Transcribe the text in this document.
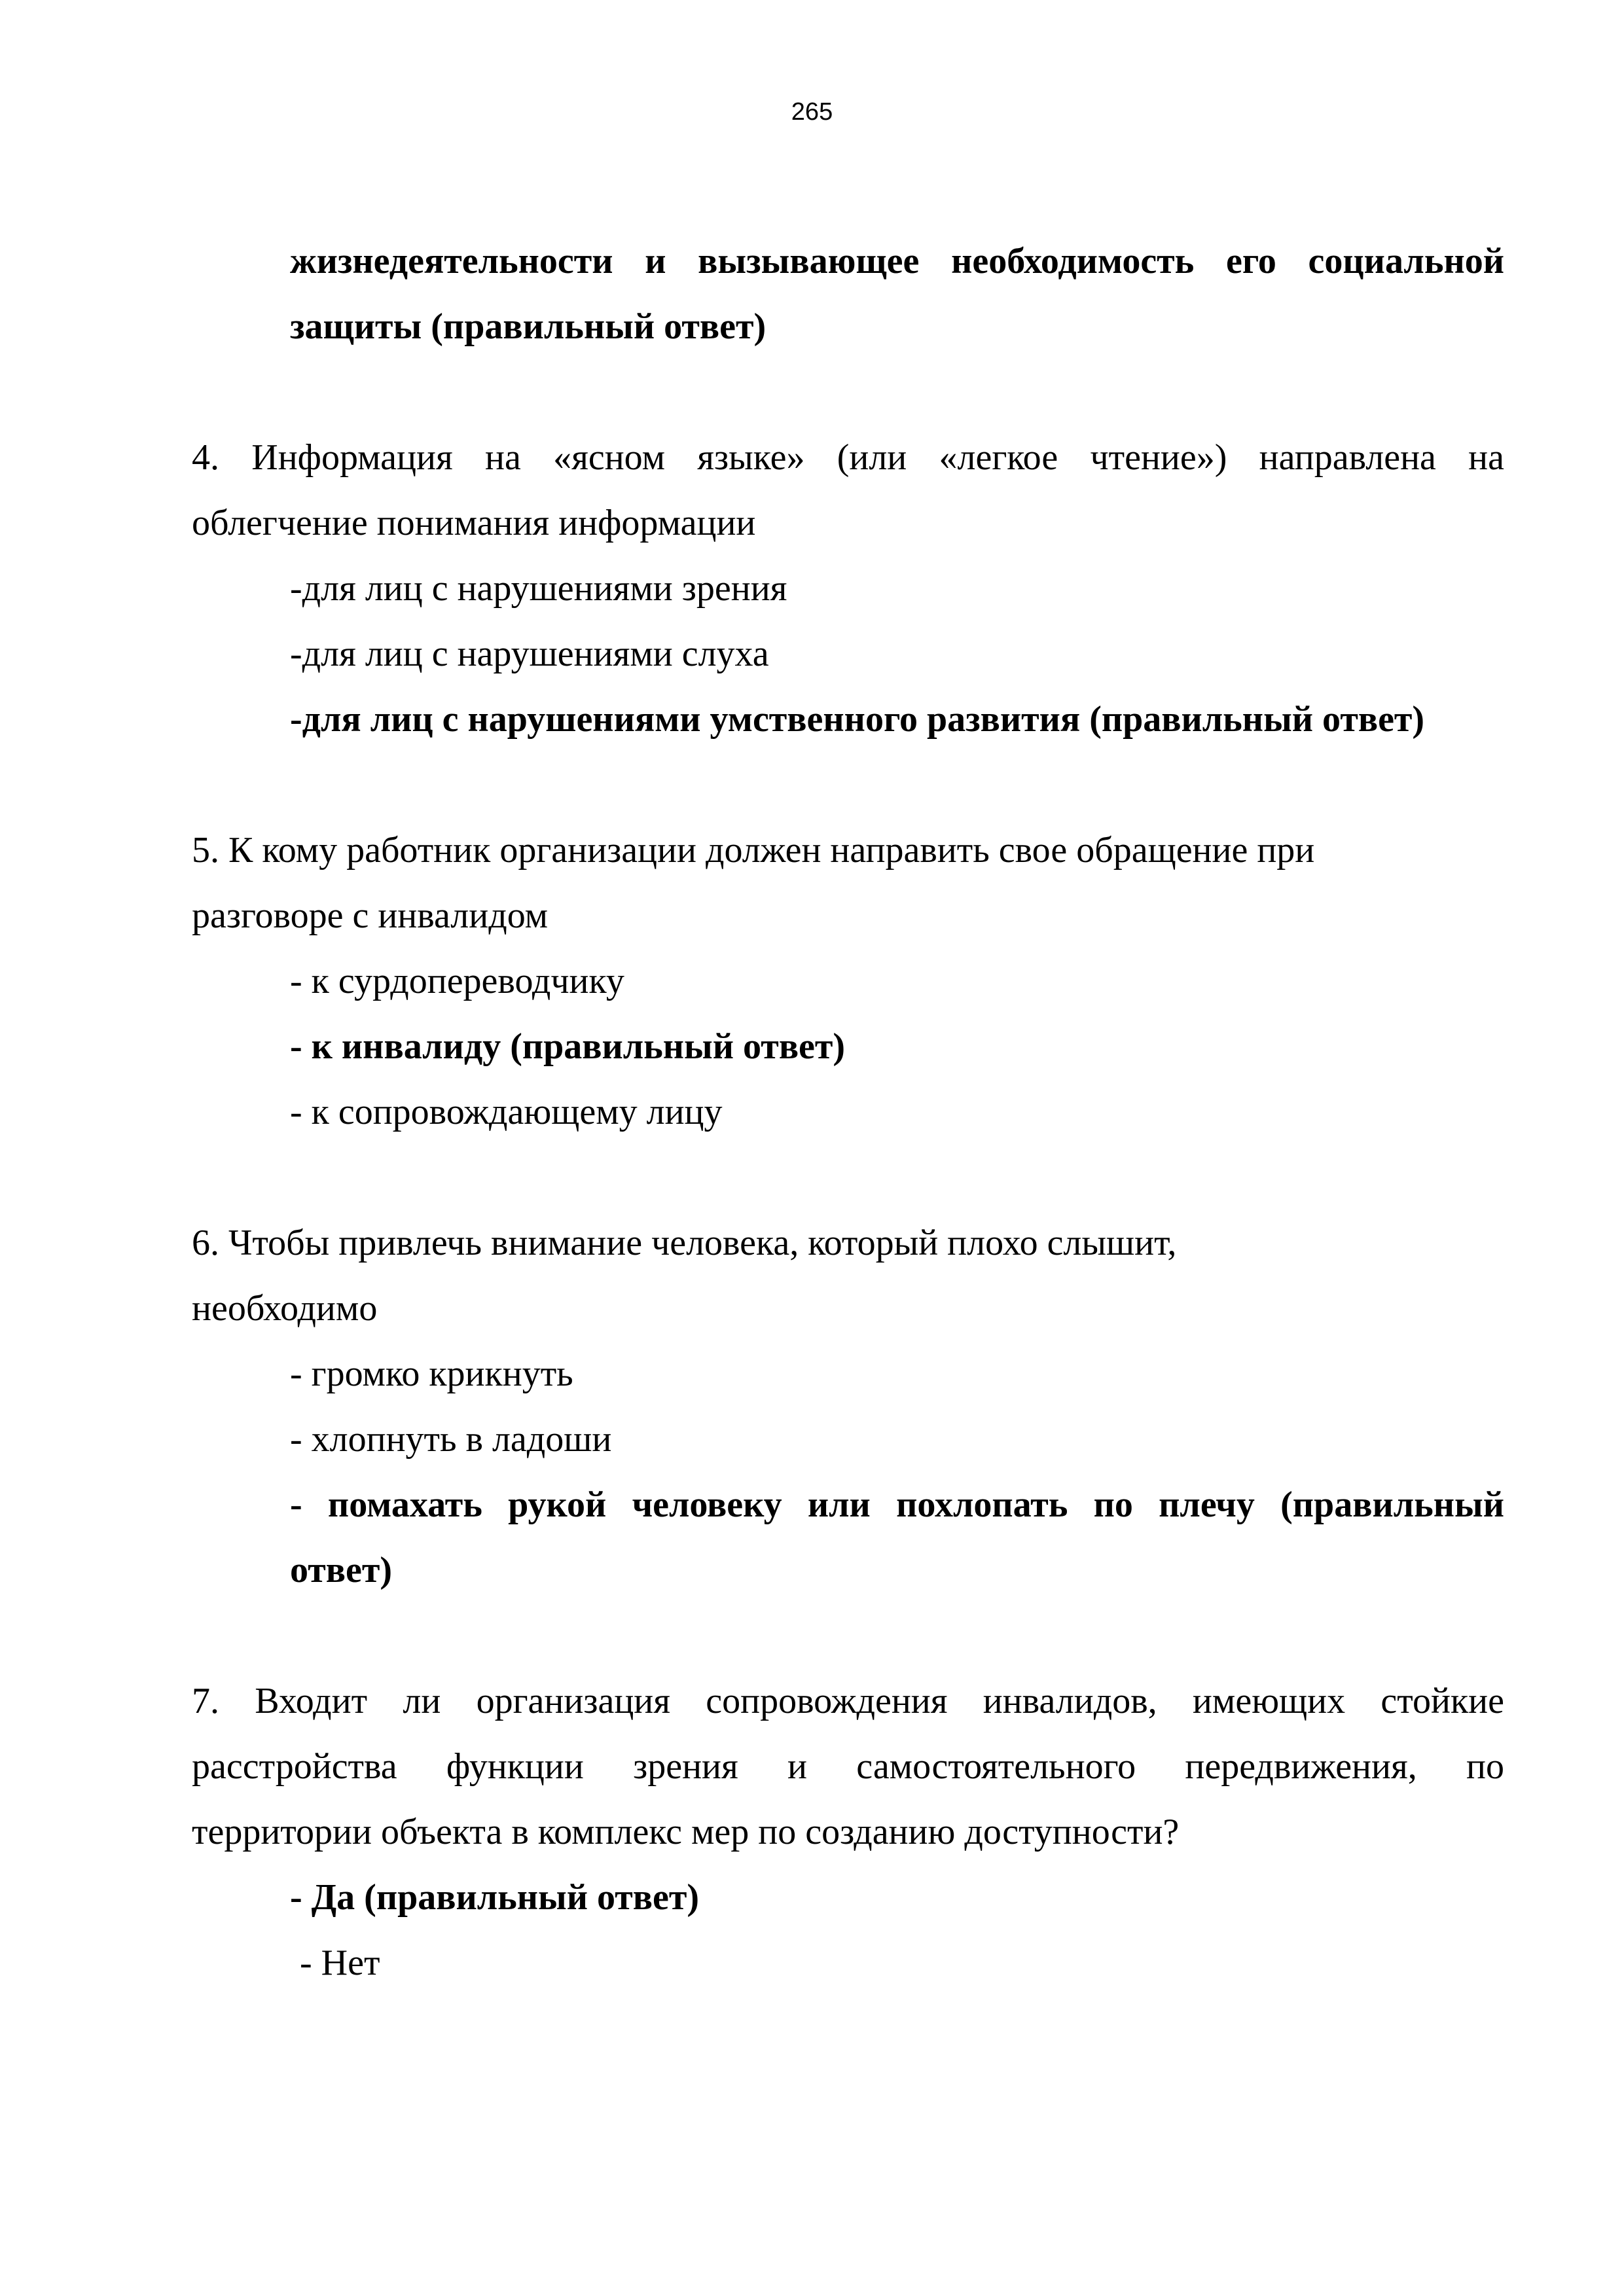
265
жизнедеятельности и вызывающее необходимость его социальной
защиты (правильный ответ)
4. Информация на «ясном языке» (или «легкое чтение») направлена на
облегчение понимания информации
-для лиц с нарушениями зрения
-для лиц с нарушениями слуха
-для лиц с нарушениями умственного развития (правильный ответ)
5. К кому работник организации должен направить свое обращение при
разговоре с инвалидом
- к сурдопереводчику
- к инвалиду (правильный ответ)
- к сопровождающему лицу
6. Чтобы привлечь внимание человека, который плохо слышит,
необходимо
- громко крикнуть
- хлопнуть в ладоши
- помахать рукой человеку или похлопать по плечу (правильный
ответ)
7. Входит ли организация сопровождения инвалидов, имеющих стойкие
расстройства функции зрения и самостоятельного передвижения, по
территории объекта в комплекс мер по созданию доступности?
- Да (правильный ответ)
- Нет
